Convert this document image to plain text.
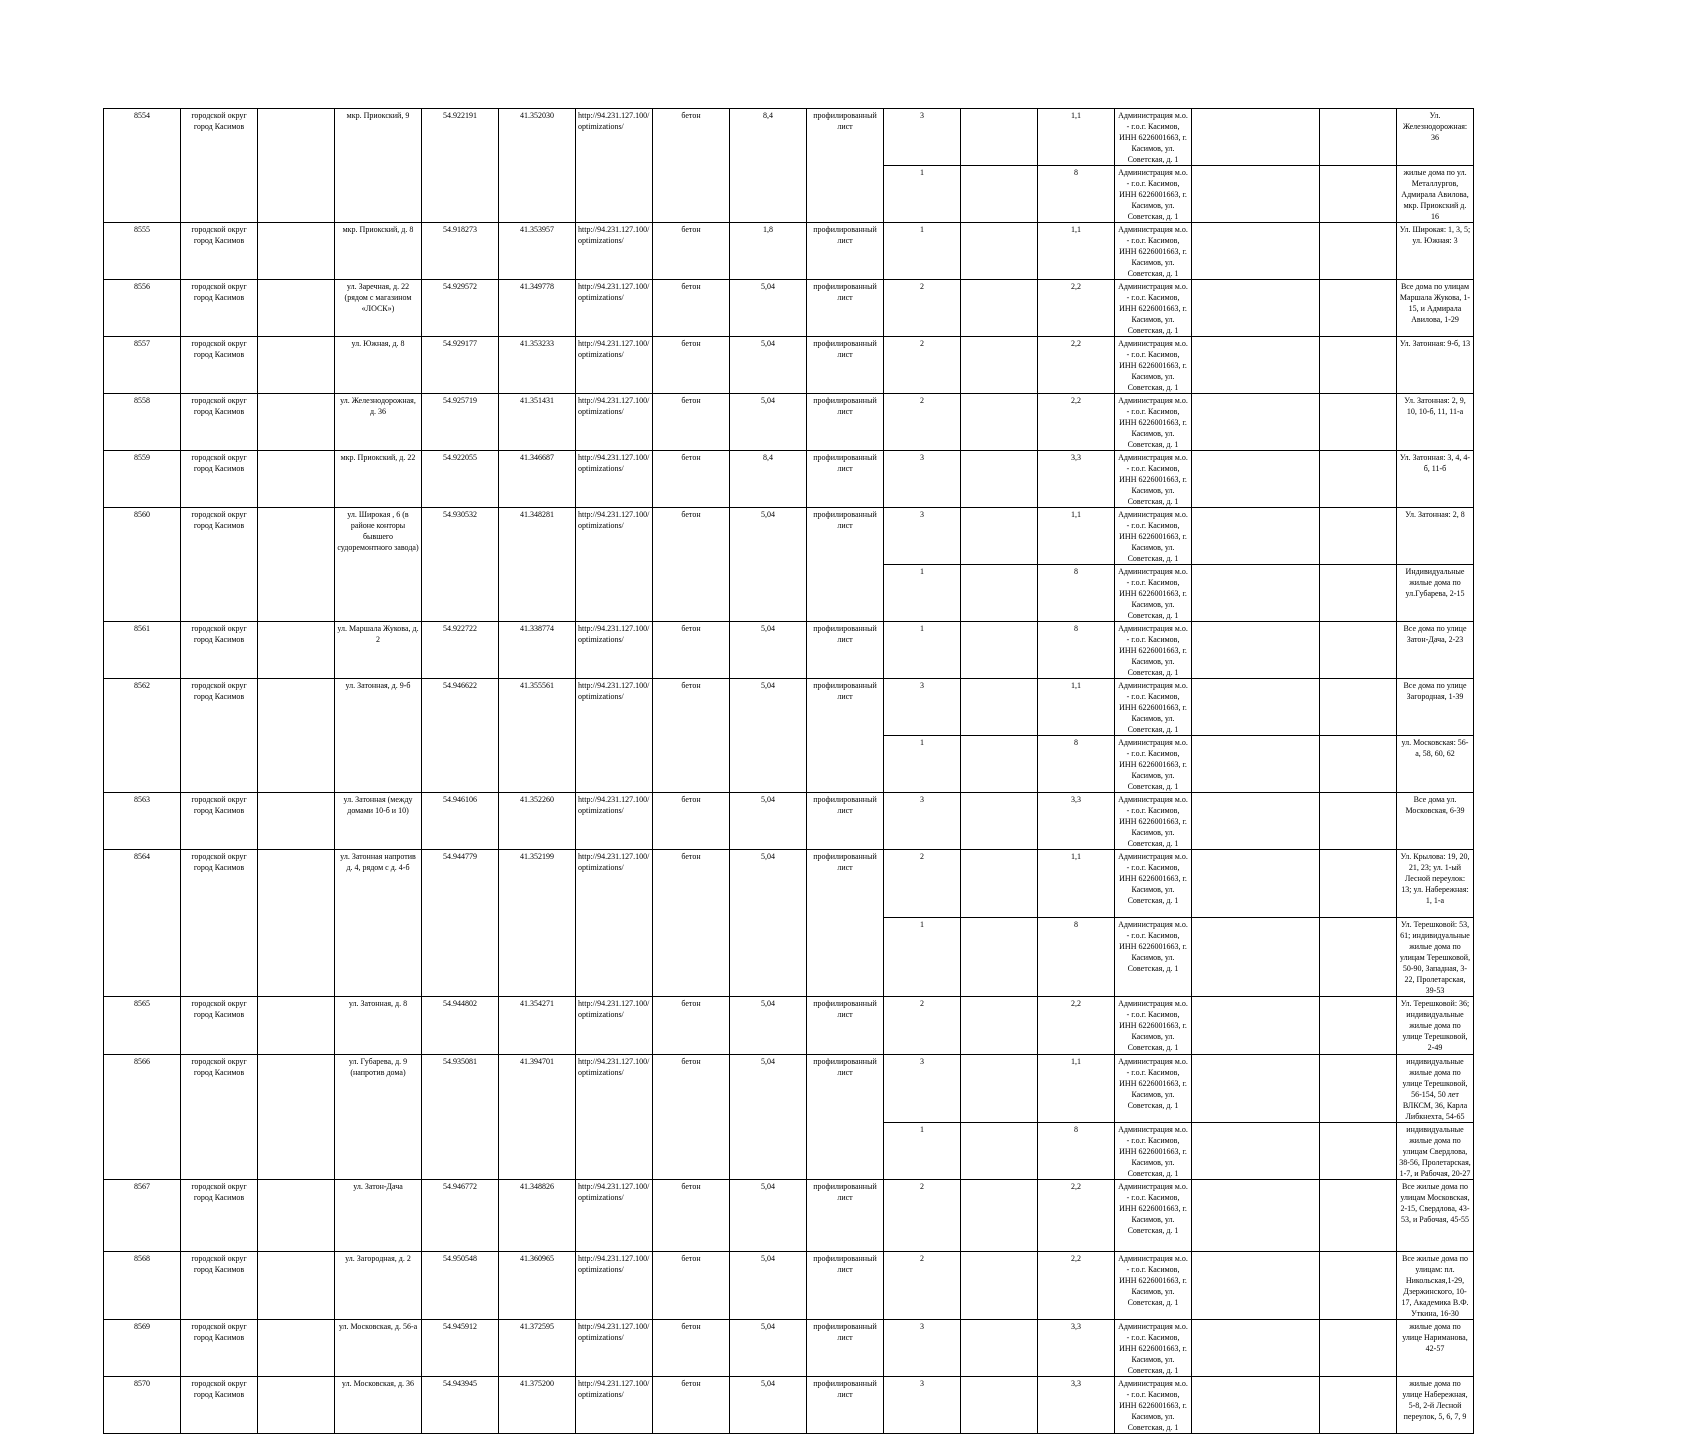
8554	городской округ город Касимов		мкр. Приокский, 9	54.922191	41.352030	http://94.231.127.100/optimizations/	бетон	8,4	профилированный лист	3		1,1	Администрация м.о. - г.о.г. Касимов, ИНН 6226001663, г. Касимов, ул. Советская, д. 1			Ул. Железнодорожная: 36
										1		8	Администрация м.о. - г.о.г. Касимов, ИНН 6226001663, г. Касимов, ул. Советская, д. 1			жилые дома по ул. Металлургов, Адмирала Авилова, мкр. Приокский д. 16
8555	городской округ город Касимов		мкр. Приокский, д. 8	54.918273	41.353957	http://94.231.127.100/optimizations/	бетон	1,8	профилированный лист	1		1,1	Администрация м.о. - г.о.г. Касимов, ИНН 6226001663, г. Касимов, ул. Советская, д. 1			Ул. Широкая: 1, 3, 5; ул. Южная: 3
8556	городской округ город Касимов		ул. Заречная, д. 22 (рядом с магазином «ЛОСК»)	54.929572	41.349778	http://94.231.127.100/optimizations/	бетон	5,04	профилированный лист	2		2,2	Администрация м.о. - г.о.г. Касимов, ИНН 6226001663, г. Касимов, ул. Советская, д. 1			Все дома по улицам Маршала Жукова, 1-15, и Адмирала Авилова, 1-29
8557	городской округ город Касимов		ул. Южная, д. 8	54.929177	41.353233	http://94.231.127.100/optimizations/	бетон	5,04	профилированный лист	2		2,2	Администрация м.о. - г.о.г. Касимов, ИНН 6226001663, г. Касимов, ул. Советская, д. 1			Ул. Затонная: 9-б, 13
8558	городской округ город Касимов		ул. Железнодорожная, д. 36	54.925719	41.351431	http://94.231.127.100/optimizations/	бетон	5,04	профилированный лист	2		2,2	Администрация м.о. - г.о.г. Касимов, ИНН 6226001663, г. Касимов, ул. Советская, д. 1			Ул. Затонная: 2, 9, 10, 10-б, 11, 11-а
8559	городской округ город Касимов		мкр. Приокский, д. 22	54.922055	41.346687	http://94.231.127.100/optimizations/	бетон	8,4	профилированный лист	3		3,3	Администрация м.о. - г.о.г. Касимов, ИНН 6226001663, г. Касимов, ул. Советская, д. 1			Ул. Затонная: 3, 4, 4-б, 11-б
8560	городской округ город Касимов		ул. Широкая , 6 (в районе конторы бывшего судоремонтного завода)	54.930532	41.348281	http://94.231.127.100/optimizations/	бетон	5,04	профилированный лист	3		1,1	Администрация м.о. - г.о.г. Касимов, ИНН 6226001663, г. Касимов, ул. Советская, д. 1			Ул. Затонная: 2, 8
										1		8	Администрация м.о. - г.о.г. Касимов, ИНН 6226001663, г. Касимов, ул. Советская, д. 1			Индивидуальные жилые дома по ул.Губарева, 2-15
8561	городской округ город Касимов		ул. Маршала Жукова, д. 2	54.922722	41.338774	http://94.231.127.100/optimizations/	бетон	5,04	профилированный лист	1		8	Администрация м.о. - г.о.г. Касимов, ИНН 6226001663, г. Касимов, ул. Советская, д. 1			Все дома по улице Затон-Дача, 2-23
8562	городской округ город Касимов		ул. Затонная, д. 9-б	54.946622	41.355561	http://94.231.127.100/optimizations/	бетон	5,04	профилированный лист	3		1,1	Администрация м.о. - г.о.г. Касимов, ИНН 6226001663, г. Касимов, ул. Советская, д. 1			Все дома по улице Загородная, 1-39
										1		8	Администрация м.о. - г.о.г. Касимов, ИНН 6226001663, г. Касимов, ул. Советская, д. 1			ул. Московская: 56-а, 58, 60, 62
8563	городской округ город Касимов		ул. Затонная (между домами 10-б и 10)	54.946106	41.352260	http://94.231.127.100/optimizations/	бетон	5,04	профилированный лист	3		3,3	Администрация м.о. - г.о.г. Касимов, ИНН 6226001663, г. Касимов, ул. Советская, д. 1			Все дома ул. Московская, 6-39
8564	городской округ город Касимов		ул. Затонная напротив д. 4, рядом с д. 4-б	54.944779	41.352199	http://94.231.127.100/optimizations/	бетон	5,04	профилированный лист	2		1,1	Администрация м.о. - г.о.г. Касимов, ИНН 6226001663, г. Касимов, ул. Советская, д. 1			Ул. Крылова: 19, 20, 21, 23; ул. 1-ый Лесной переулок: 13; ул. Набережная: 1, 1-а
										1		8	Администрация м.о. - г.о.г. Касимов, ИНН 6226001663, г. Касимов, ул. Советская, д. 1			Ул. Терешковой: 53, 61; индивидуальные жилые дома по улицам Терешковой, 50-90, Западная, 3-22, Пролетарская, 39-53
8565	городской округ город Касимов		ул. Затонная, д. 8	54.944802	41.354271	http://94.231.127.100/optimizations/	бетон	5,04	профилированный лист	2		2,2	Администрация м.о. - г.о.г. Касимов, ИНН 6226001663, г. Касимов, ул. Советская, д. 1			Ул. Терешковой: 36; индивидуальные жилые дома по улице Терешковой, 2-49
8566	городской округ город Касимов		ул. Губарева, д. 9 (напротив дома)	54.935081	41.394701	http://94.231.127.100/optimizations/	бетон	5,04	профилированный лист	3		1,1	Администрация м.о. - г.о.г. Касимов, ИНН 6226001663, г. Касимов, ул. Советская, д. 1			индивидуальные жилые дома по улице Терешковой, 56-154, 50 лет ВЛКСМ, 36, Карла Либкнехта, 54-65
										1		8	Администрация м.о. - г.о.г. Касимов, ИНН 6226001663, г. Касимов, ул. Советская, д. 1			индивидуальные жилые дома по улицам Свердлова, 38-56, Пролетарская, 1-7, и Рабочая, 20-27
8567	городской округ город Касимов		ул. Затон-Дача	54.946772	41.348826	http://94.231.127.100/optimizations/	бетон	5,04	профилированный лист	2		2,2	Администрация м.о. - г.о.г. Касимов, ИНН 6226001663, г. Касимов, ул. Советская, д. 1			Все жилые дома по улицам Московская, 2-15, Свердлова, 43-53, и Рабочая, 45-55
8568	городской округ город Касимов		ул. Загородная, д. 2	54.950548	41.360965	http://94.231.127.100/optimizations/	бетон	5,04	профилированный лист	2		2,2	Администрация м.о. - г.о.г. Касимов, ИНН 6226001663, г. Касимов, ул. Советская, д. 1			Все жилые дома по улицам: пл. Никольская,1-29, Дзержинского, 10-17, Академика В.Ф. Уткина, 16-30
8569	городской округ город Касимов		ул. Московская, д. 56-а	54.945912	41.372595	http://94.231.127.100/optimizations/	бетон	5,04	профилированный лист	3		3,3	Администрация м.о. - г.о.г. Касимов, ИНН 6226001663, г. Касимов, ул. Советская, д. 1			жилые дома по улице Нариманова, 42-57
8570	городской округ город Касимов		ул. Московская, д. 36	54.943945	41.375200	http://94.231.127.100/optimizations/	бетон	5,04	профилированный лист	3		3,3	Администрация м.о. - г.о.г. Касимов, ИНН 6226001663, г. Касимов, ул. Советская, д. 1			жилые дома по улице Набережная, 5-8, 2-й Лесной переулок, 5, 6, 7, 9
